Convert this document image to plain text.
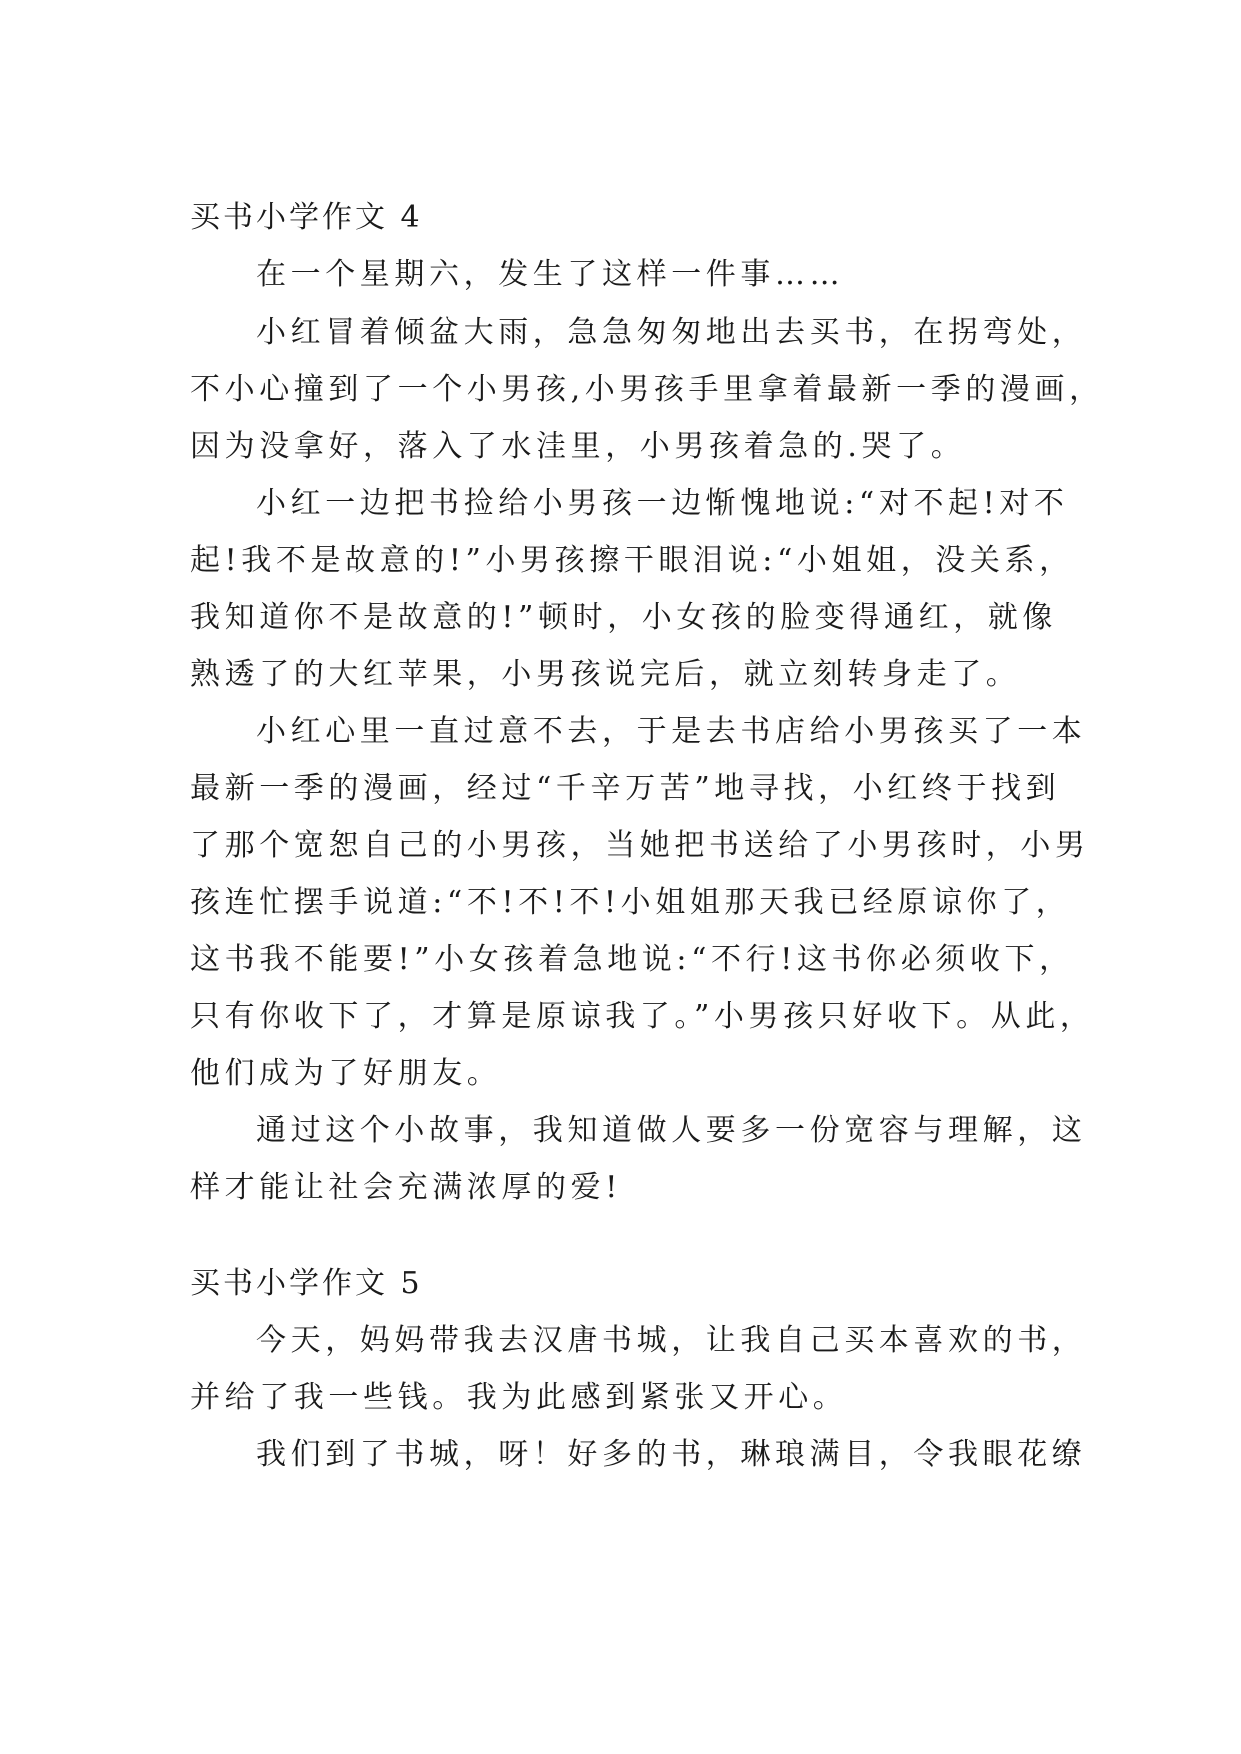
买书小学作文 4
在一个星期六，发生了这样一件事……
小红冒着倾盆大雨，急急匆匆地出去买书，在拐弯处，
不小心撞到了一个小男孩,小男孩手里拿着最新一季的漫画，
因为没拿好，落入了水洼里，小男孩着急的.哭了。
小红一边把书捡给小男孩一边惭愧地说:“对不起!对不
起!我不是故意的!”小男孩擦干眼泪说:“小姐姐，没关系，
我知道你不是故意的!”顿时，小女孩的脸变得通红，就像
熟透了的大红苹果，小男孩说完后，就立刻转身走了。
小红心里一直过意不去，于是去书店给小男孩买了一本
最新一季的漫画，经过“千辛万苦”地寻找，小红终于找到
了那个宽恕自己的小男孩，当她把书送给了小男孩时，小男
孩连忙摆手说道:“不!不!不!小姐姐那天我已经原谅你了，
这书我不能要!”小女孩着急地说:“不行!这书你必须收下，
只有你收下了，才算是原谅我了。”小男孩只好收下。从此，
他们成为了好朋友。
通过这个小故事，我知道做人要多一份宽容与理解，这
样才能让社会充满浓厚的爱!
买书小学作文 5
今天，妈妈带我去汉唐书城，让我自己买本喜欢的书，
并给了我一些钱。我为此感到紧张又开心。
我们到了书城，呀！好多的书，琳琅满目，令我眼花缭
